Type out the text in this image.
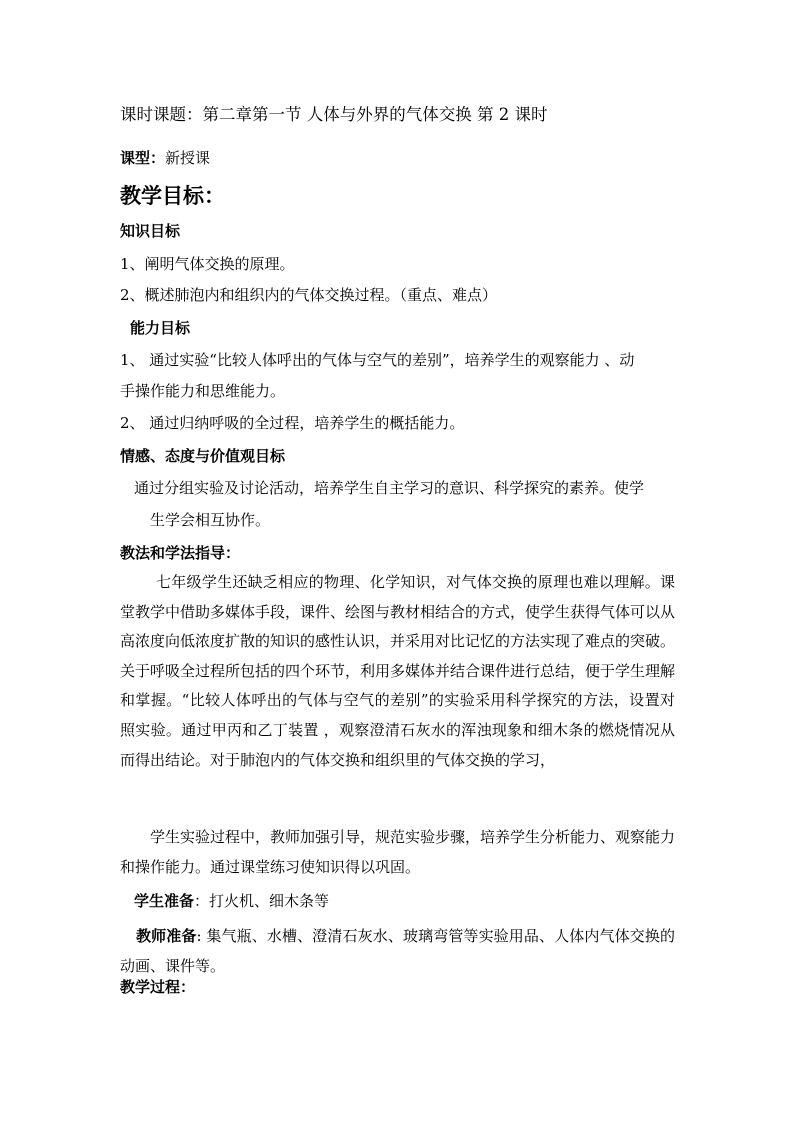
课时课题：第二章第一节 人体与外界的气体交换 第 2 课时
课型：新授课
教学目标：
知识目标
1、阐明气体交换的原理。
2、概述肺泡内和组织内的气体交换过程。（重点、难点）
能力目标
1、 通过实验“比较人体呼出的气体与空气的差别”，培养学生的观察能力 、动
手操作能力和思维能力。
2、 通过归纳呼吸的全过程，培养学生的概括能力。
情感、态度与价值观目标
通过分组实验及讨论活动，培养学生自主学习的意识、科学探究的素养。使学
生学会相互协作。
教法和学法指导：
七年级学生还缺乏相应的物理、化学知识，对气体交换的原理也难以理解。课堂教学中借助多媒体手段，课件、绘图与教材相结合的方式，使学生获得气体可以从高浓度向低浓度扩散的知识的感性认识，并采用对比记忆的方法实现了难点的突破。关于呼吸全过程所包括的四个环节，利用多媒体并结合课件进行总结，便于学生理解和掌握。“比较人体呼出的气体与空气的差别”的实验采用科学探究的方法，设置对照实验。通过甲丙和乙丁装置 ，观察澄清石灰水的浑浊现象和细木条的燃烧情况从而得出结论。对于肺泡内的气体交换和组织里的气体交换的学习，
学生实验过程中，教师加强引导，规范实验步骤，培养学生分析能力、观察能力和操作能力。通过课堂练习使知识得以巩固。
学生准备：打火机、细木条等
教师准备: 集气瓶、水槽、澄清石灰水、玻璃弯管等实验用品、人体内气体交换的动画、课件等。
教学过程：
